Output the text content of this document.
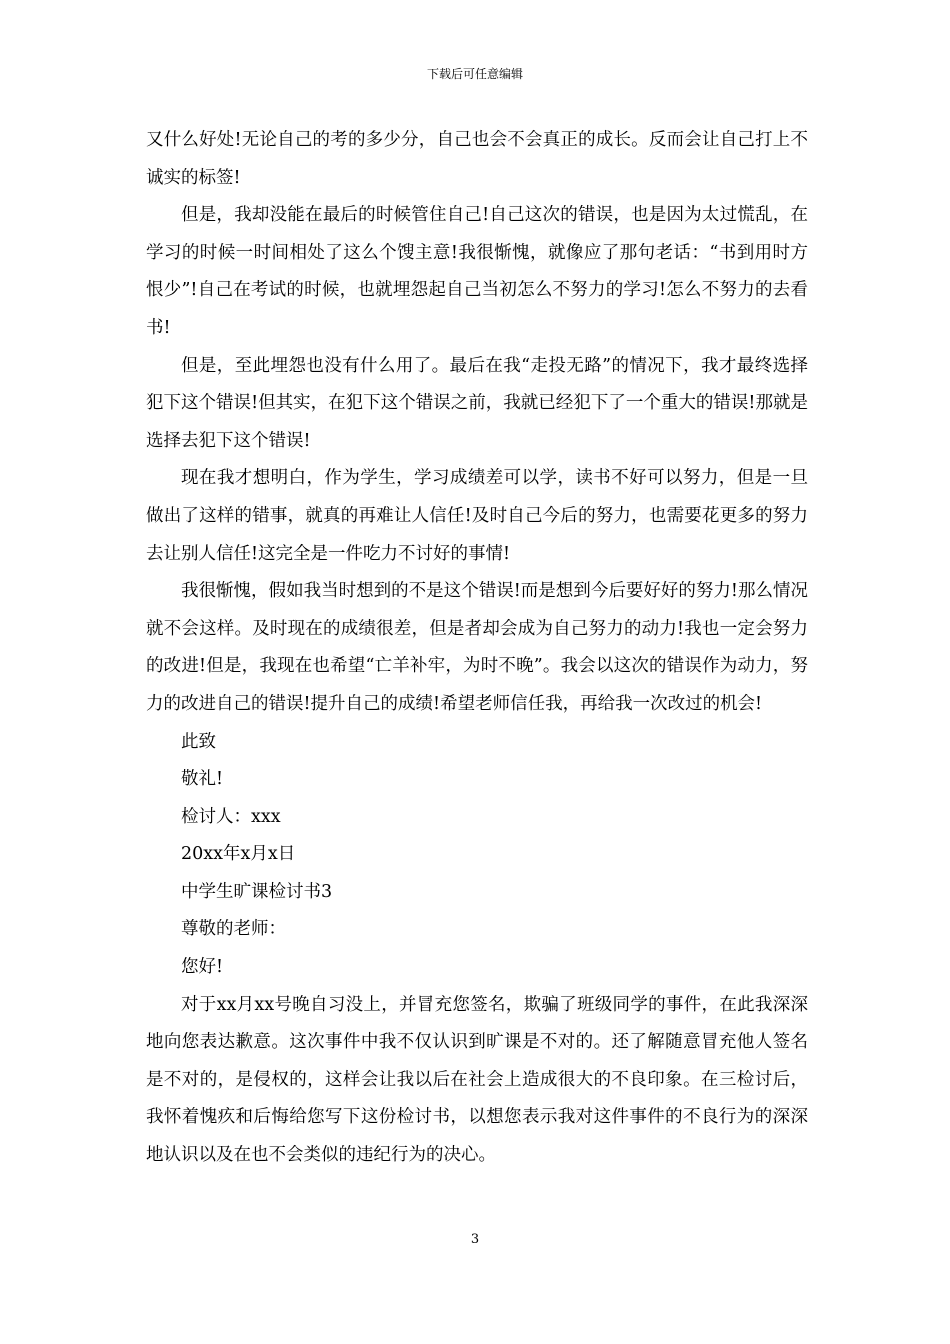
下载后可任意编辑

又什么好处!无论自己的考的多少分，自己也会不会真正的成长。反而会让自己打上不诚实的标签!

但是，我却没能在最后的时候管住自己!自己这次的错误，也是因为太过慌乱，在学习的时候一时间相处了这么个馊主意!我很惭愧，就像应了那句老话：“书到用时方恨少”!自己在考试的时候，也就埋怨起自己当初怎么不努力的学习!怎么不努力的去看书!

但是，至此埋怨也没有什么用了。最后在我“走投无路”的情况下，我才最终选择犯下这个错误!但其实，在犯下这个错误之前，我就已经犯下了一个重大的错误!那就是选择去犯下这个错误!

现在我才想明白，作为学生，学习成绩差可以学，读书不好可以努力，但是一旦做出了这样的错事，就真的再难让人信任!及时自己今后的努力，也需要花更多的努力去让别人信任!这完全是一件吃力不讨好的事情!

我很惭愧，假如我当时想到的不是这个错误!而是想到今后要好好的努力!那么情况就不会这样。及时现在的成绩很差，但是者却会成为自己努力的动力!我也一定会努力的改进!但是，我现在也希望“亡羊补牢，为时不晚”。我会以这次的错误作为动力，努力的改进自己的错误!提升自己的成绩!希望老师信任我，再给我一次改过的机会!

此致

敬礼!

检讨人：xxx

20xx年x月x日

中学生旷课检讨书3

尊敬的老师：

您好!

对于xx月xx号晚自习没上，并冒充您签名，欺骗了班级同学的事件，在此我深深地向您表达歉意。这次事件中我不仅认识到旷课是不对的。还了解随意冒充他人签名是不对的，是侵权的，这样会让我以后在社会上造成很大的不良印象。在三检讨后，我怀着愧疚和后悔给您写下这份检讨书，以想您表示我对这件事件的不良行为的深深地认识以及在也不会类似的违纪行为的决心。

3
